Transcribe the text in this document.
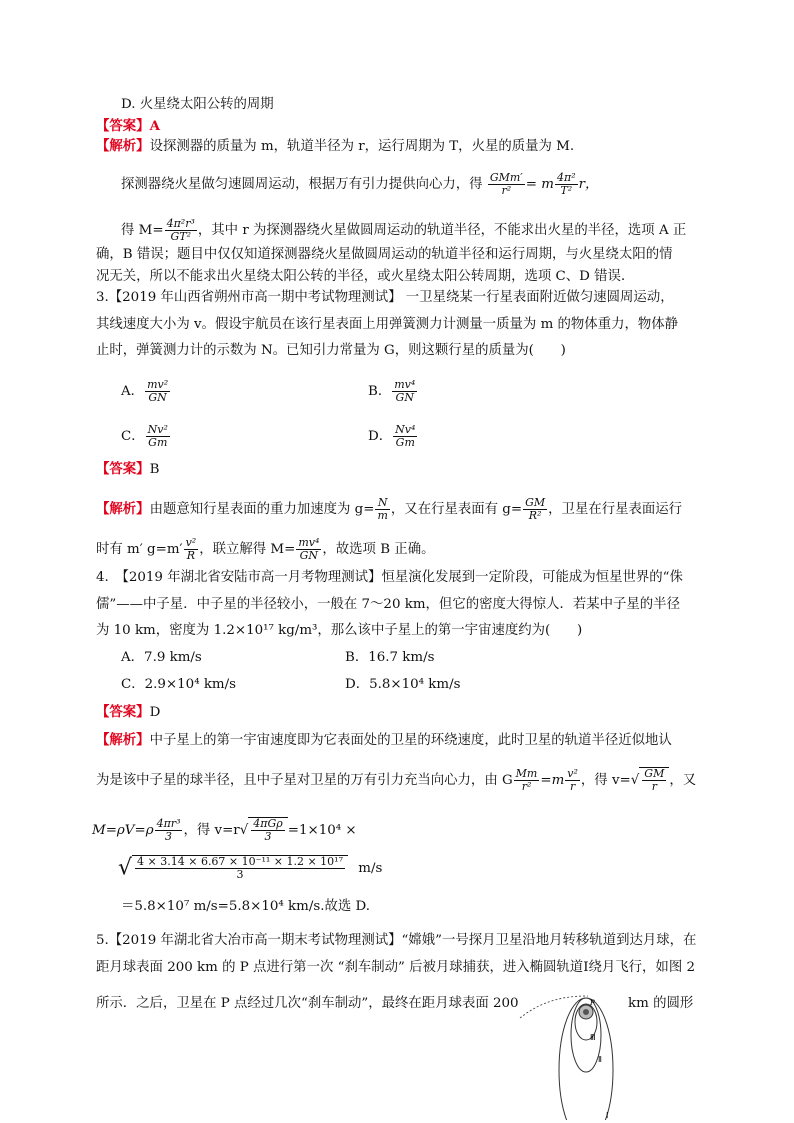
D. 火星绕太阳公转的周期
【答案】A
【解析】设探测器的质量为 m，轨道半径为 r，运行周期为 T，火星的质量为 M.
探测器绕火星做匀速圆周运动，根据万有引力提供向心力，得 $\frac{\text{GMm′}}{\text{r²}} = m \frac{\text{4π²}}{\text{T²}}$ r，
得 $M= \frac{\text{4π²r³}}{\text{GT²}}$ ，其中 r 为探测器绕火星做圆周运动的轨道半径，不能求出火星的半径，选项 A 正
确，B 错误；题目中仅仅知道探测器绕火星做圆周运动的轨道半径和运行周期，与火星绕太阳的情
况无关，所以不能求出火星绕太阳公转的半径，或火星绕太阳公转周期，选项 C、D 错误．
3.【2019 年山西省朔州市高一期中考试物理测试】 一卫星绕某一行星表面附近做匀速圆周运动，
其线速度大小为 v。假设宇航员在该行星表面上用弹簧测力计测量一质量为 m 的物体重力，物体静
止时，弹簧测力计的示数为 N。已知引力常量为 G，则这颗行星的质量为(　　)
A． $\frac{\text{mv²}}{GN}$	B． $\frac{\text{mv⁴}}{GN}$
C． $\frac{\text{Nv²}}{Gm}$	D． $\frac{\text{Nv⁴}}{Gm}$
【答案】B
【解析】由题意知行星表面的重力加速度为 $g= \frac{N}{m}$ ，又在行星表面有 $g= \frac{GM}{\text{R²}}$ ，卫星在行星表面运行
时有 m′ $g=m' \frac{\text{v²}}{R}$ ，联立解得 $M= \frac{\text{mv⁴}}{GN}$ ，故选项 B 正确。
4.　【2019 年湖北省安陆市高一月考物理测试】恒星演化发展到一定阶段，可能成为恒星世界的“侏
儒”——中子星．中子星的半径较小，一般在 7～20 km，但它的密度大得惊人．若某中子星的半径
为 10 km，密度为 1.2×10¹⁷ kg/m³，那么该中子星上的第一宇宙速度约为(　　)
A．7.9 km/s	B．16.7 km/s
C．2.9×10⁴ km/s	D．5.8×10⁴ km/s
【答案】D
【解析】中子星上的第一宇宙速度即为它表面处的卫星的环绕速度，此时卫星的轨道半径近似地认
为是该中子星的球半径，且中子星对卫星的万有引力充当向心力，由 G $\frac{Mm}{\text{r²}} =m \frac{\text{v²}}{r}$ ，得 $v=√ \frac{GM}{r}$ ，又
$M=\rho V=\rho \frac{\text{4πr³}}{3}$ ，得 $v=r√ \frac{\text{4πGρ}}{3} =1\times 10^4$ ×
√ $\frac{\text{4 × 3.14 × 6.67 × 10⁻¹¹ × 1.2 × 10¹⁷}}{3} m/s$
＝5.8×10⁷ m/s=5.8×10⁴ km/s.故选 D.
5.【2019 年湖北省大冶市高一期末考试物理测试】“嫦娥”一号探月卫星沿地月转移轨道到达月球，在
距月球表面 200 km 的 P 点进行第一次 “刹车制动” 后被月球捕获，进入椭圆轨道Ⅰ绕月飞行，如图 2
所示．之后，卫星在 P 点经过几次“刹车制动”，最终在距月球表面 200	km 的圆形
P
Ⅲ
Ⅱ
Ⅰ
